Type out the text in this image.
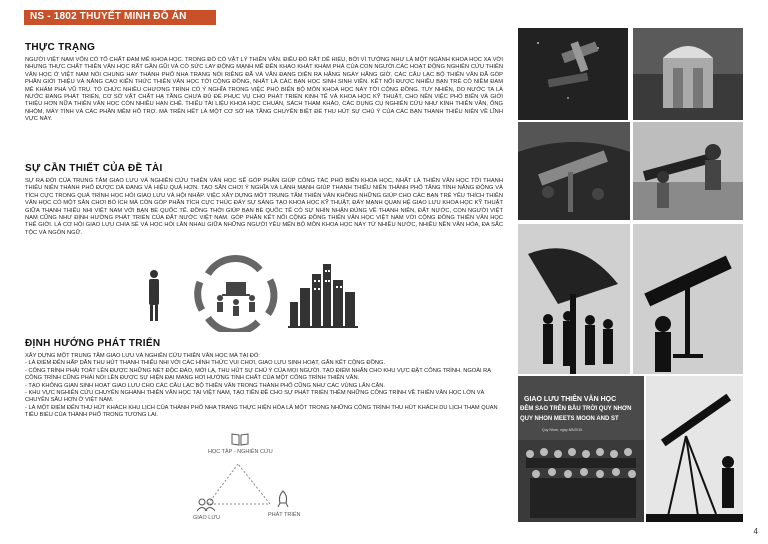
NS - 1802 THUYẾT MINH ĐỒ ÁN
THỰC TRẠNG
NGƯỜI VIỆT NAM VỐN CÓ TỐ CHẤT ĐAM MÊ KHOA HỌC. TRONG ĐÓ CÓ VẬT LÝ THIÊN VĂN. ĐIỀU ĐÓ RẤT DỄ HIỂU, BỞI VÌ TƯỞNG NHƯ LÀ MỘT NGÀNH KHOA HỌC XA VỜI NHƯNG THỰC CHẤT THIÊN VĂN HỌC RẤT GẦN GŨI VÀ CÓ SỨC LAY ĐỘNG MẠNH MẼ ĐẾN KHAO KHÁT KHÁM PHÁ CỦA CON NGƯỜI.CÁC HOẠT ĐỘNG NGHIÊN CỨU THIÊN VĂN HỌC Ở VIỆT NAM NÓI CHUNG HAY THÀNH PHỐ NHA TRANG NÓI RIÊNG ĐÃ VÀ VẪN ĐANG DIỄN RA HẰNG NGÀY HẰNG GIỜ. CÁC CÂU LẠC BỘ THIÊN VĂN ĐÃ GÓP PHẦN GIỚI THIỆU VÀ NÂNG CAO KIẾN THỨC THIÊN VĂN HỌC TỚI CỘNG ĐỒNG, NHẤT LÀ CÁC BẠN HỌC SINH SINH VIÊN. KẾT NỐI ĐƯỢC NHIỀU BẠN TRẺ CÓ NIỀM ĐAM MÊ KHÁM PHÁ VŨ TRỤ. TỔ CHỨC NHIỀU CHƯƠNG TRÌNH CÓ Ý NGHĨA TRONG VIỆC PHỔ BIẾN BỘ MÔN KHOA HỌC NÀY TỚI CỘNG ĐỒNG. TUY NHIÊN, DO NƯỚC TA LÀ NƯỚC ĐANG PHÁT TRIỂN, CƠ SỞ VẬT CHẤT HẠ TẦNG CHƯA ĐỦ ĐỂ PHỤC VỤ CHO PHÁT TRIỂN KINH TẾ VÀ KHOA HỌC KỸ THUẬT, CHO NÊN VIỆC PHỔ BIẾN VÀ GIỚI THIỆU HƠN NỮA THIÊN VĂN HỌC CÒN NHIỀU HẠN CHẾ. THIẾU TÀI LIỆU KHOA HỌC CHUẨN, SÁCH THAM KHẢO, CÁC DỤNG CỤ NGHIÊN CỨU NHƯ KÍNH THIÊN VĂN, ỐNG NHÒM, MÁY TÍNH VÀ CÁC PHẦN MỀM HỖ TRỢ. MÀ TRÊN HẾT LÀ MỘT CƠ SỞ HẠ TẦNG CHUYÊN BIỆT ĐỂ THU HÚT SỰ CHÚ Ý CỦA CÁC BẠN THANH THIẾU NIÊN VỀ LĨNH VỰC NÀY.
SỰ CẦN THIẾT CỦA ĐỀ TÀI
SỰ RA ĐỜI CỦA TRUNG TÂM GIAO LƯU VÀ NGHIÊN CỨU THIÊN VĂN HỌC SẼ GÓP PHẦN GIÚP CÔNG TÁC PHỔ BIẾN KHOA HỌC, NHẤT LÀ THIÊN VĂN HỌC TỚI THANH THIẾU NIÊN THÀNH PHỐ ĐƯỢC DÀ ĐANG VÀ HIỆU QUẢ HƠN. TẠO SÂN CHƠI Ý NGHĨA VÀ LÀNH MẠNH GIÚP THANH THIẾU NIÊN THÀNH PHỐ TĂNG TÍNH NĂNG ĐỘNG VÀ TÍCH CỰC TRONG QUÁ TRÌNH HỌC HỎI GIAO LƯU VÀ HỘI NHẬP. VIỆC XÂY DỰNG MỘT TRUNG TÂM THIÊN VĂN KHÔNG NHỮNG GIÚP CHO CÁC BẠN TRẺ YÊU THÍCH THIÊN VĂN HỌC CÓ MỘT SÂN CHƠI BỔ ÍCH MÀ CÒN GÓP PHẦN TÍCH CỰC THÚC ĐẨY SỰ SÁNG TẠO KHOA HỌC KỸ THUẬT, ĐẨY MẠNH QUAN HỆ GIAO LƯU KHOA HỌC KỸ THUẬT GIỮA THANH THIẾU NHI VIỆT NAM VỚI BẠN BÈ QUỐC TẾ. ĐỒNG THỜI GIÚP BẠN BÈ QUỐC TẾ CÓ SỰ NHÌN NHẬN ĐÚNG VỀ THANH NIÊN, ĐẤT NƯỚC, CON NGƯỜI VIỆT NAM CŨNG NHƯ ĐỊNH HƯỚNG PHÁT TRIỂN CỦA ĐẤT NƯỚC VIỆT NAM. GÓP PHẦN KẾT NỐI CỘNG ĐỒNG THIÊN VĂN HỌC VIỆT NAM VỚI CỘNG ĐỒNG THIÊN VĂN HỌC THẾ GIỚI. LÀ CƠ HỘI GIAO LƯU CHIA SẺ VÀ HỌC HỎI LẪN NHAU GIỮA NHỮNG NGƯỜI YÊU MẾN BỘ MÔN KHOA HỌC NÀY TỪ NHIỀU NƯỚC, NHIỀU NỀN VĂN HÓA, ĐA SẮC TỘC VÀ NGÔN NGỮ.
ĐỊNH HƯỚNG PHÁT TRIỂN
XÂY DỰNG MỘT TRUNG TÂM GIAO LƯU VÀ NGHIÊN CỨU THIÊN VĂN HỌC MÀ TẠI ĐÓ:
- LÀ ĐIỂM ĐẾN HẤP DẪN THU HÚT THANH THIẾU NHI VỚI CÁC HÌNH THỨC VUI CHƠI, GIAO LƯU SINH HOẠT, GẮN KẾT CỘNG ĐỒNG.
- CÔNG TRÌNH PHẢI TOÁT LÊN ĐƯỢC NHỮNG NÉT ĐỘC ĐÁO, MỚI LẠ, THU HÚT SỰ CHÚ Ý CỦA MỌI NGƯỜI. TẠO ĐIỂM NHẤN CHO KHU VỰC ĐẶT CÔNG TRÌNH. NGOÀI RA CÔNG TRÌNH CŨNG PHẢI NỔI LÊN ĐƯỢC SỰ HIỆN ĐẠI MANG HƠI HƯỚNG TINH CHẤT CỦA MỘT CÔNG TRÌNH THIÊN VĂN.
- TẠO KHÔNG GIAN SINH HOẠT GIAO LƯU CHO CÁC CÂU LẠC BỘ THIÊN VĂN TRONG THÀNH PHỐ CŨNG NHƯ CÁC VÙNG LÂN CẬN.
- KHU VỰC NGHIÊN CỨU CHUYÊN NGHÀNH THIÊN VĂN HỌC TẠI VIỆT NAM, TẠO TIỀN ĐỀ CHO SỰ PHÁT TRIỂN THÊM NHỮNG CÔNG TRÌNH VỀ THIÊN VĂN HỌC LỚN VÀ CHUYÊN SÂU HƠN Ở VIỆT NAM.
- LÀ MỘT ĐIỂM ĐẾN THU HÚT KHÁCH KHU LỊCH CỦA THÀNH PHỐ NHA TRANG THỰC HIỆN HÓA LÀ MỘT TRONG NHỮNG CÔNG TRÌNH THU HÚT KHÁCH DU LỊCH THAM QUAN TIÊU BIỂU CỦA THÀNH PHỐ TRONG TƯƠNG LAI.
HỌC TẬP - NGHIÊN CỨU
GIAO LƯU	PHÁT TRIỂN
GIAO LƯU THIÊN VĂN HỌC
ĐÊM SAO TRÊN BẦU TRỜI QUY NHƠN
QUY NHON MEETS MOON AND ST
Quy Nhơn, ngày 8/8/2015
4
